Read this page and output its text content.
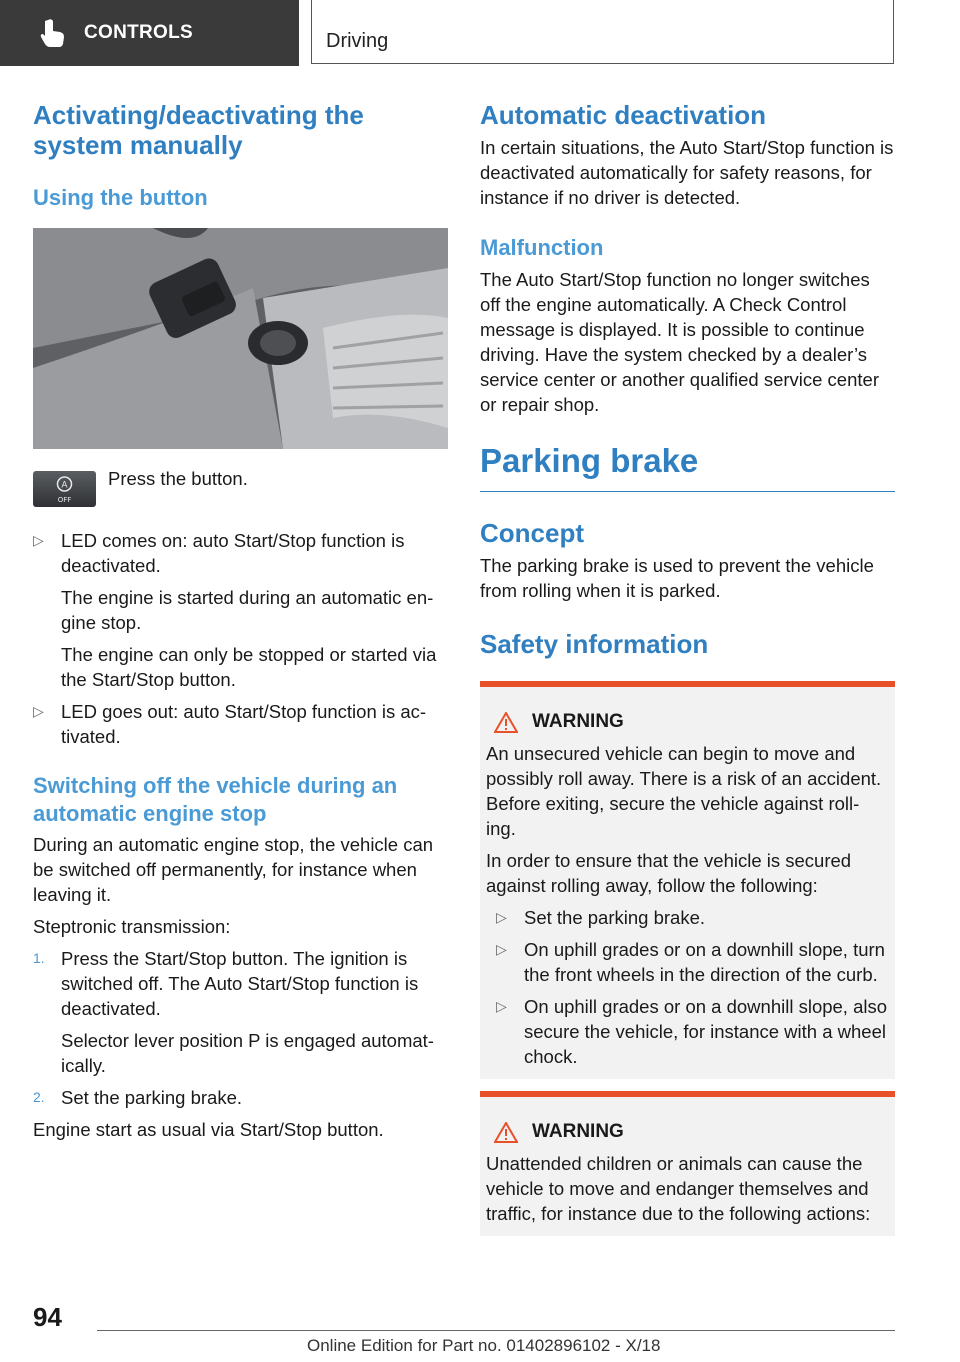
CONTROLS	Driving
Activating/deactivating the system manually
Using the button
A
OFF

Press the button.

▷ LED comes on: auto Start/Stop function is deactivated.

The engine is started during an automatic en‐gine stop.

The engine can only be stopped or started via the Start/Stop button.

▷ LED goes out: auto Start/Stop function is ac‐tivated.

Switching off the vehicle during an automatic engine stop

During an automatic engine stop, the vehicle can be switched off permanently, for instance when leaving it.

Steptronic transmission:

1. Press the Start/Stop button. The ignition is switched off. The Auto Start/Stop function is deactivated.

Selector lever position P is engaged automat‐ically.

2. Set the parking brake.

Engine start as usual via Start/Stop button.

Automatic deactivation

In certain situations, the Auto Start/Stop function is deactivated automatically for safety reasons, for instance if no driver is detected.

Malfunction

The Auto Start/Stop function no longer switches off the engine automatically. A Check Control message is displayed. It is possible to continue driving. Have the system checked by a dealer’s service center or another qualified service center or repair shop.

Parking brake
Concept

The parking brake is used to prevent the vehicle from rolling when it is parked.

Safety information
WARNING

An unsecured vehicle can begin to move and possibly roll away. There is a risk of an accident. Before exiting, secure the vehicle against roll‐ing.

In order to ensure that the vehicle is secured against rolling away, follow the following:

▷ Set the parking brake.

▷ On uphill grades or on a downhill slope, turn the front wheels in the direction of the curb.

▷ On uphill grades or on a downhill slope, also secure the vehicle, for instance with a wheel chock.

WARNING

Unattended children or animals can cause the vehicle to move and endanger themselves and traffic, for instance due to the following actions:

94
Online Edition for Part no. 01402896102 - X/18
